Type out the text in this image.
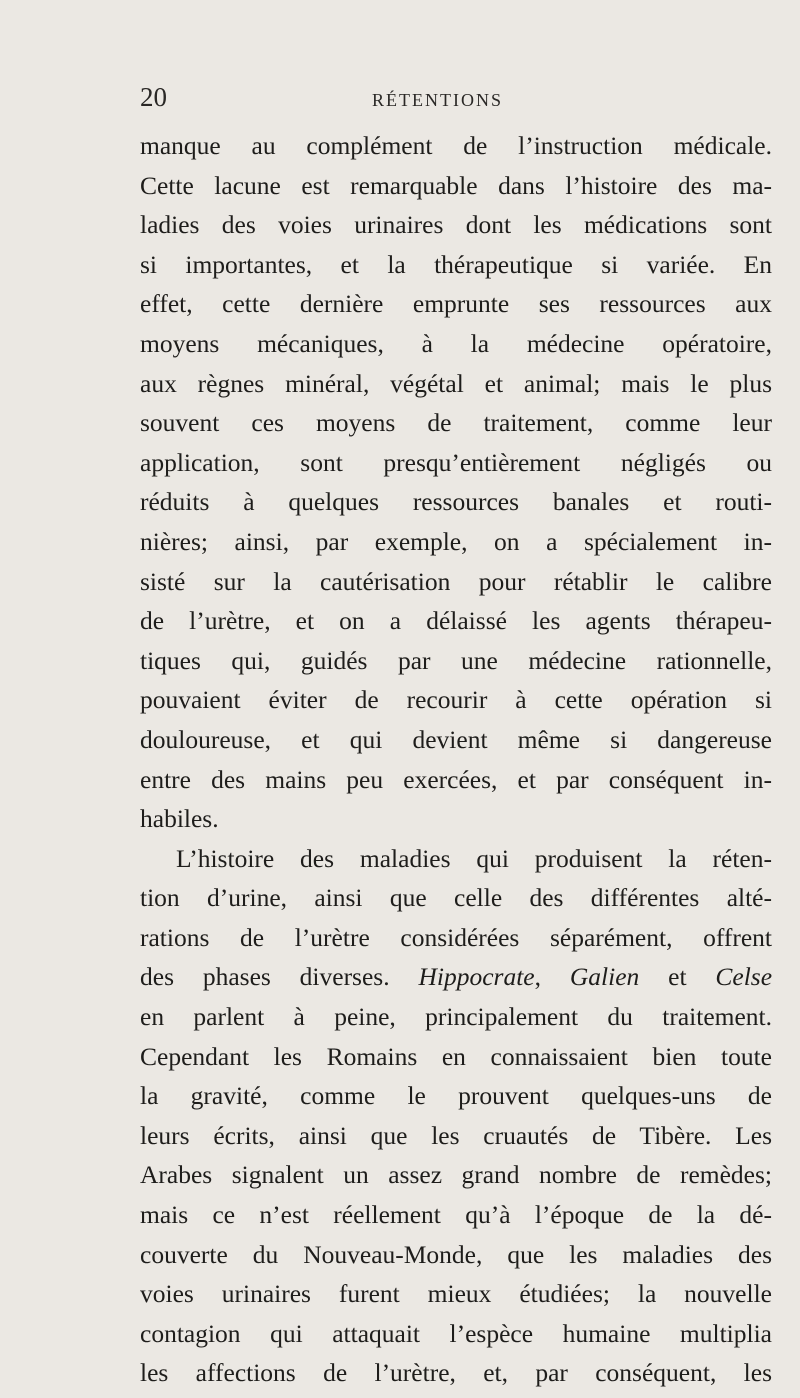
20	RÉTENTIONS
manque au complément de l’instruction médicale.
Cette lacune est remarquable dans l’histoire des ma-
ladies des voies urinaires dont les médications sont
si importantes, et la thérapeutique si variée. En
effet, cette dernière emprunte ses ressources aux
moyens mécaniques, à la médecine opératoire,
aux règnes minéral, végétal et animal; mais le plus
souvent ces moyens de traitement, comme leur
application, sont presqu’entièrement négligés ou
réduits à quelques ressources banales et routi-
nières; ainsi, par exemple, on a spécialement in-
sisté sur la cautérisation pour rétablir le calibre
de l’urètre, et on a délaissé les agents thérapeu-
tiques qui, guidés par une médecine rationnelle,
pouvaient éviter de recourir à cette opération si
douloureuse, et qui devient même si dangereuse
entre des mains peu exercées, et par conséquent in-
habiles.
L’histoire des maladies qui produisent la réten-
tion d’urine, ainsi que celle des différentes alté-
rations de l’urètre considérées séparément, offrent
des phases diverses. Hippocrate, Galien et Celse
en parlent à peine, principalement du traitement.
Cependant les Romains en connaissaient bien toute
la gravité, comme le prouvent quelques-uns de
leurs écrits, ainsi que les cruautés de Tibère. Les
Arabes signalent un assez grand nombre de remèdes;
mais ce n’est réellement qu’à l’époque de la dé-
couverte du Nouveau-Monde, que les maladies des
voies urinaires furent mieux étudiées; la nouvelle
contagion qui attaquait l’espèce humaine multiplia
les affections de l’urètre, et, par conséquent, les
